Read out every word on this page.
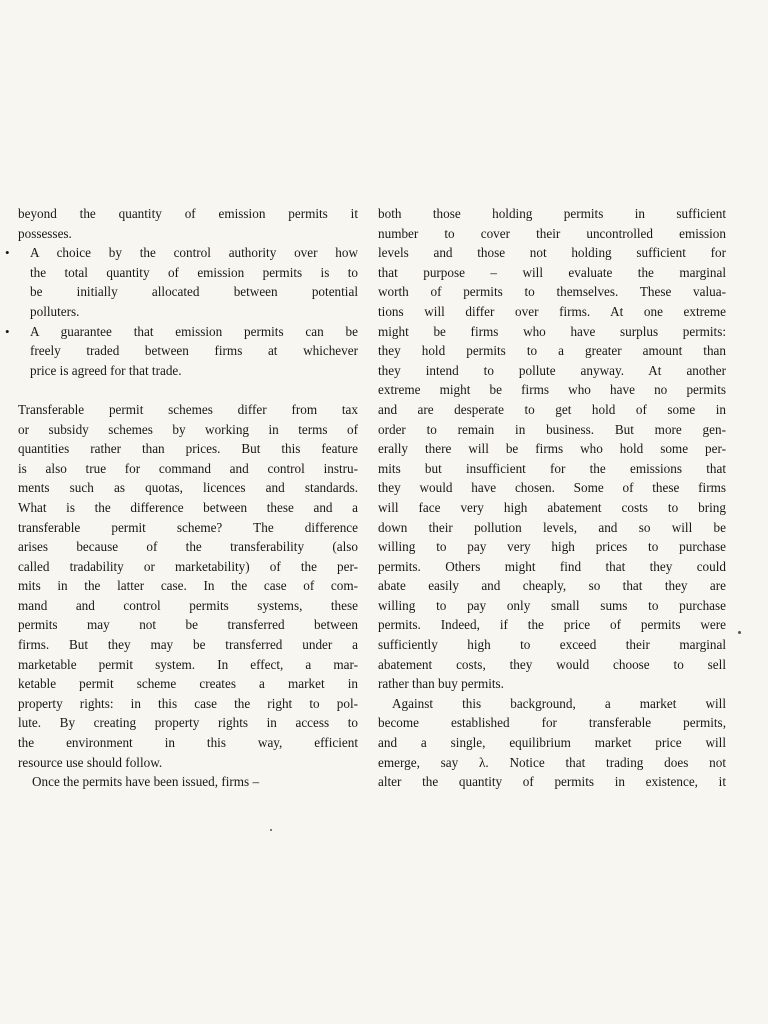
beyond the quantity of emission permits it
possesses.
• A choice by the control authority over how
the total quantity of emission permits is to
be initially allocated between potential
polluters.
• A guarantee that emission permits can be
freely traded between firms at whichever
price is agreed for that trade.
Transferable permit schemes differ from tax
or subsidy schemes by working in terms of
quantities rather than prices. But this feature
is also true for command and control instru-
ments such as quotas, licences and standards.
What is the difference between these and a
transferable permit scheme? The difference
arises because of the transferability (also
called tradability or marketability) of the per-
mits in the latter case. In the case of com-
mand and control permits systems, these
permits may not be transferred between
firms. But they may be transferred under a
marketable permit system. In effect, a mar-
ketable permit scheme creates a market in
property rights: in this case the right to pol-
lute. By creating property rights in access to
the environment in this way, efficient
resource use should follow.
Once the permits have been issued, firms –
both those holding permits in sufficient
number to cover their uncontrolled emission
levels and those not holding sufficient for
that purpose – will evaluate the marginal
worth of permits to themselves. These valua-
tions will differ over firms. At one extreme
might be firms who have surplus permits:
they hold permits to a greater amount than
they intend to pollute anyway. At another
extreme might be firms who have no permits
and are desperate to get hold of some in
order to remain in business. But more gen-
erally there will be firms who hold some per-
mits but insufficient for the emissions that
they would have chosen. Some of these firms
will face very high abatement costs to bring
down their pollution levels, and so will be
willing to pay very high prices to purchase
permits. Others might find that they could
abate easily and cheaply, so that they are
willing to pay only small sums to purchase
permits. Indeed, if the price of permits were
sufficiently high to exceed their marginal
abatement costs, they would choose to sell
rather than buy permits.
Against this background, a market will
become established for transferable permits,
and a single, equilibrium market price will
emerge, say λ. Notice that trading does not
alter the quantity of permits in existence, it
